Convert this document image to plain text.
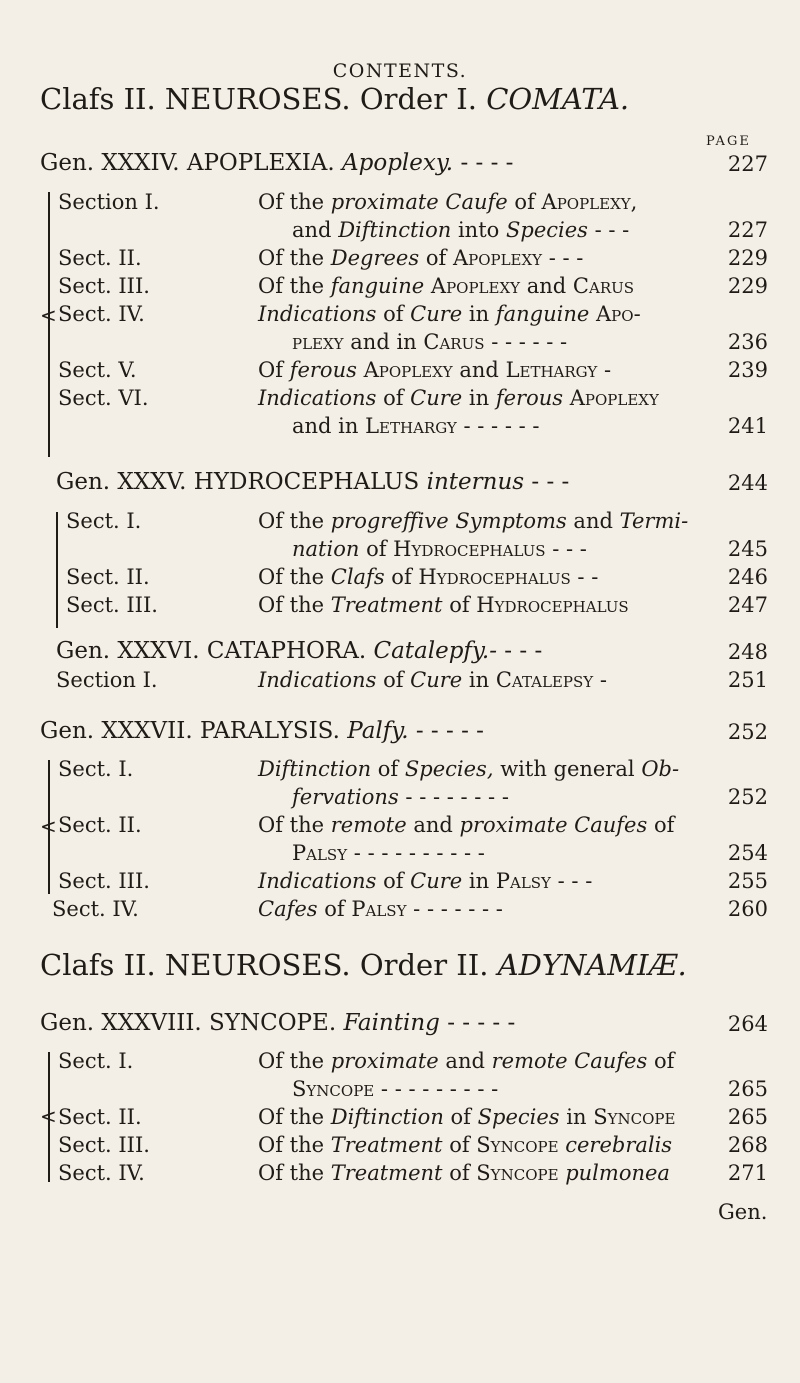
CONTENTS.
Clafs II. NEUROSES. Order I. COMATA.
PAGE
Gen. XXXIV. APOPLEXIA. Apoplexy. - - - -	227
<
Section I.	Of the proximate Caufe of Apoplexy,
and Diftinction into Species - - -	227
Sect. II.	Of the Degrees of Apoplexy - - -	229
Sect. III.	Of the fanguine Apoplexy and Carus	229
Sect. IV.	Indications of Cure in fanguine Apo-
plexy and in Carus - - - - - -	236
Sect. V.	Of ferous Apoplexy and Lethargy -	239
Sect. VI.	Indications of Cure in ferous Apoplexy
and in Lethargy - - - - - -	241
Gen. XXXV. HYDROCEPHALUS internus - - -	244
Sect. I.	Of the progreffive Symptoms and Termi-
nation of Hydrocephalus - - -	245
Sect. II.	Of the Clafs of Hydrocephalus - -	246
Sect. III.	Of the Treatment of Hydrocephalus	247
Gen. XXXVI. CATAPHORA. Catalepfy.- - - -	248
Section I.	Indications of Cure in Catalepsy -	251
Gen. XXXVII. PARALYSIS. Palfy. - - - - -	252
<
Sect. I.	Diftinction of Species, with general Ob-
fervations - - - - - - - -	252
Sect. II.	Of the remote and proximate Caufes of
Palsy - - - - - - - - - -	254
Sect. III.	Indications of Cure in Palsy - - -	255
Sect. IV.	Cafes of Palsy - - - - - - -	260
Clafs II. NEUROSES. Order II. ADYNAMIÆ.
Gen. XXXVIII. SYNCOPE. Fainting - - - - -	264
<
Sect. I.	Of the proximate and remote Caufes of
Syncope - - - - - - - - -	265
Sect. II.	Of the Diftinction of Species in Syncope	265
Sect. III.	Of the Treatment of Syncope cerebralis	268
Sect. IV.	Of the Treatment of Syncope pulmonea	271
Gen.
